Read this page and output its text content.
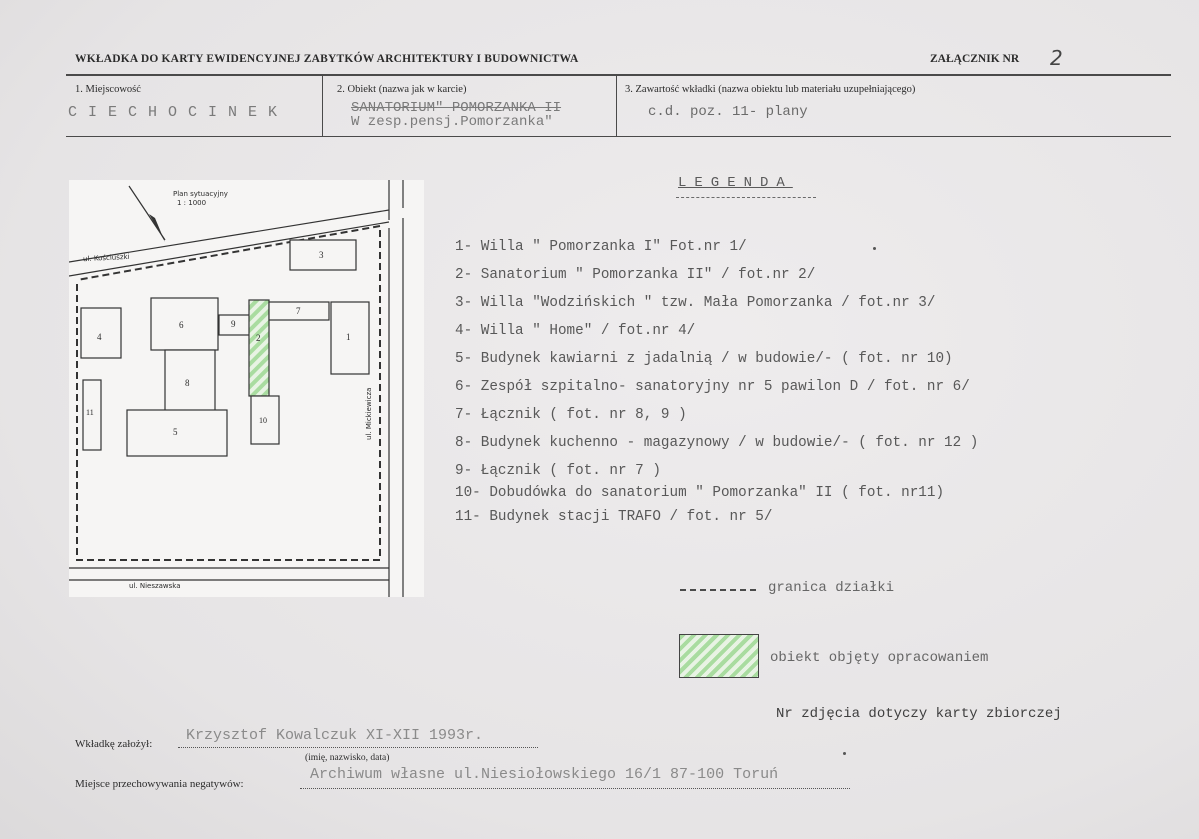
WKŁADKA DO KARTY EWIDENCYJNEJ ZABYTKÓW ARCHITEKTURY I BUDOWNICTWA	ZAŁĄCZNIK NR 2
1. Miejscowość
CIECHOCINEK
2. Obiekt (nazwa jak w karcie)
SANATORIUM" POMORZANKA II
W zesp.pensj.Pomorzanka"
3. Zawartość wkładki (nazwa obiektu lub materiału uzupełniającego)
c.d. poz. 11- plany
Plan sytuacyjny
1 : 1000
ul. Kościuszki
ul. Nieszawska
ul. Mickiewicza
3
6
8
5
9
2
7
1
10
4
11
LEGENDA
1- Willa " Pomorzanka I" Fot.nr 1/
2- Sanatorium " Pomorzanka II" / fot.nr 2/
3- Willa "Wodzińskich " tzw. Mała Pomorzanka / fot.nr 3/
4- Willa " Home" / fot.nr 4/
5- Budynek kawiarni z jadalnią / w budowie/- ( fot. nr 10)
6- Zespół szpitalno- sanatoryjny nr 5 pawilon D / fot. nr 6/
7- Łącznik ( fot. nr 8, 9 )
8- Budynek kuchenno - magazynowy / w budowie/- ( fot. nr 12 )
9- Łącznik ( fot. nr 7 )
10- Dobudówka do sanatorium " Pomorzanka" II ( fot. nr11)
11- Budynek stacji TRAFO / fot. nr 5/
granica działki
obiekt objęty opracowaniem
Nr zdjęcia dotyczy karty zbiorczej
Wkładkę założył: Krzysztof Kowalczuk XI-XII 1993r.
(imię, nazwisko, data)
Miejsce przechowywania negatywów:
Archiwum własne ul.Niesiołowskiego 16/1 87-100 Toruń
